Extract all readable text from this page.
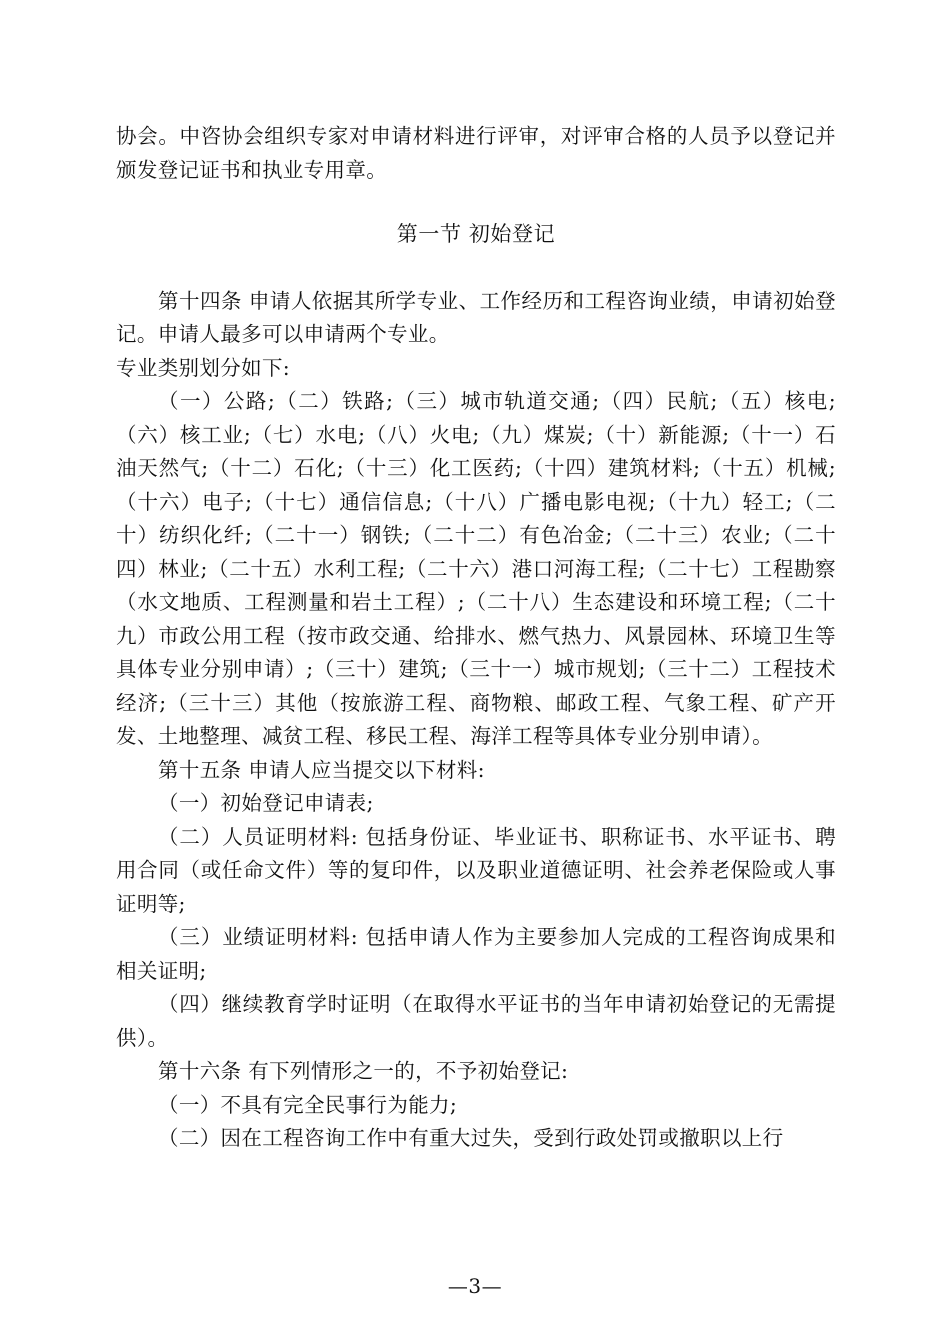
协会。中咨协会组织专家对申请材料进行评审，对评审合格的人员予以登记并颁发登记证书和执业专用章。

第一节 初始登记

第十四条 申请人依据其所学专业、工作经历和工程咨询业绩，申请初始登记。申请人最多可以申请两个专业。

专业类别划分如下:

（一）公路;（二）铁路;（三）城市轨道交通;（四）民航;（五）核电;（六）核工业;（七）水电;（八）火电;（九）煤炭;（十）新能源;（十一）石油天然气;（十二）石化;（十三）化工医药;（十四）建筑材料;（十五）机械;（十六）电子;（十七）通信信息;（十八）广播电影电视;（十九）轻工;（二十）纺织化纤;（二十一）钢铁;（二十二）有色冶金;（二十三）农业;（二十四）林业;（二十五）水利工程;（二十六）港口河海工程;（二十七）工程勘察（水文地质、工程测量和岩土工程）;（二十八）生态建设和环境工程;（二十九）市政公用工程（按市政交通、给排水、燃气热力、风景园林、环境卫生等具体专业分别申请）;（三十）建筑;（三十一）城市规划;（三十二）工程技术经济;（三十三）其他（按旅游工程、商物粮、邮政工程、气象工程、矿产开发、土地整理、减贫工程、移民工程、海洋工程等具体专业分别申请）。

第十五条 申请人应当提交以下材料:

（一）初始登记申请表;

（二）人员证明材料: 包括身份证、毕业证书、职称证书、水平证书、聘用合同（或任命文件）等的复印件，以及职业道德证明、社会养老保险或人事证明等;

（三）业绩证明材料: 包括申请人作为主要参加人完成的工程咨询成果和相关证明;

（四）继续教育学时证明（在取得水平证书的当年申请初始登记的无需提供）。

第十六条 有下列情形之一的，不予初始登记:

（一）不具有完全民事行为能力;

（二）因在工程咨询工作中有重大过失，受到行政处罚或撤职以上行

—3—
